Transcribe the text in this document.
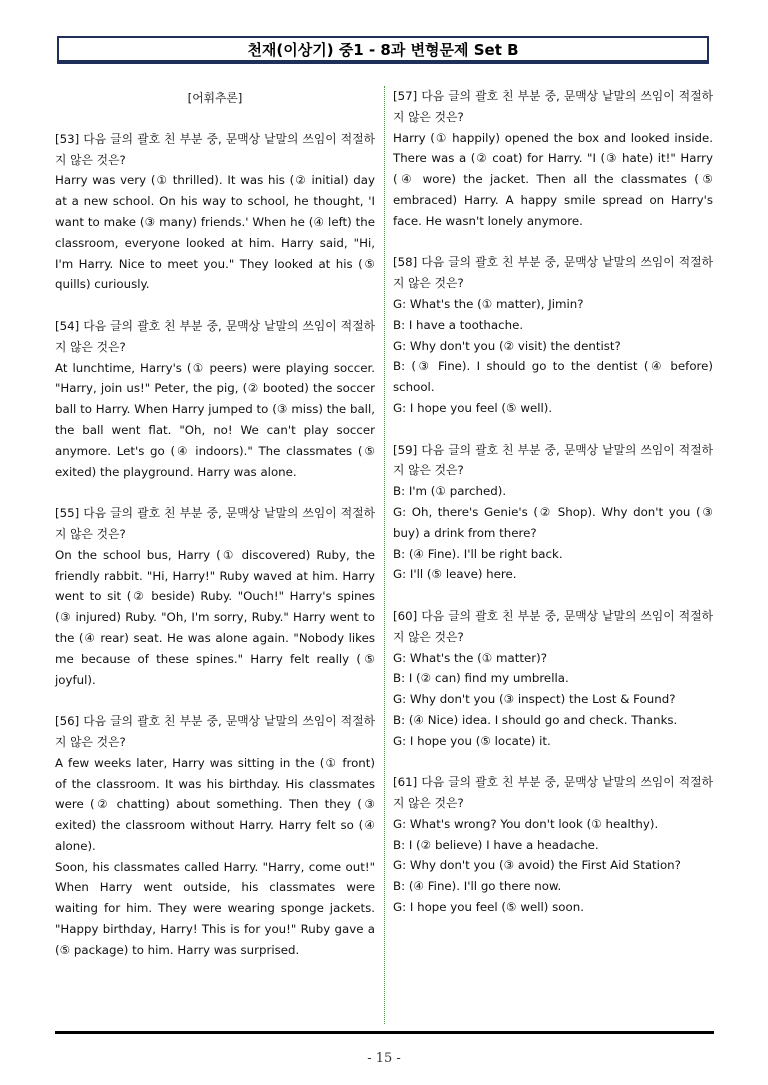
천재(이상기) 중1 - 8과 변형문제 Set B
[어휘추론]

[53] 다음 글의 괄호 친 부분 중, 문맥상 낱말의 쓰임이 적절하지 않은 것은?

Harry was very (① thrilled). It was his (② initial) day at a new school. On his way to school, he thought, 'I want to make (③ many) friends.' When he (④ left) the classroom, everyone looked at him. Harry said, "Hi, I'm Harry. Nice to meet you." They looked at his (⑤ quills) curiously.

[54] 다음 글의 괄호 친 부분 중, 문맥상 낱말의 쓰임이 적절하지 않은 것은?

At lunchtime, Harry's (① peers) were playing soccer. "Harry, join us!" Peter, the pig, (② booted) the soccer ball to Harry. When Harry jumped to (③ miss) the ball, the ball went flat. "Oh, no! We can't play soccer anymore. Let's go (④ indoors)." The classmates (⑤ exited) the playground. Harry was alone.

[55] 다음 글의 괄호 친 부분 중, 문맥상 낱말의 쓰임이 적절하지 않은 것은?

On the school bus, Harry (① discovered) Ruby, the friendly rabbit. "Hi, Harry!" Ruby waved at him. Harry went to sit (② beside) Ruby. "Ouch!" Harry's spines (③ injured) Ruby. "Oh, I'm sorry, Ruby." Harry went to the (④ rear) seat. He was alone again. "Nobody likes me because of these spines." Harry felt really (⑤ joyful).

[56] 다음 글의 괄호 친 부분 중, 문맥상 낱말의 쓰임이 적절하지 않은 것은?

A few weeks later, Harry was sitting in the (① front) of the classroom. It was his birthday. His classmates were (② chatting) about something. Then they (③ exited) the classroom without Harry. Harry felt so (④ alone).

Soon, his classmates called Harry. "Harry, come out!" When Harry went outside, his classmates were waiting for him. They were wearing sponge jackets. "Happy birthday, Harry! This is for you!" Ruby gave a (⑤ package) to him. Harry was surprised.

[57] 다음 글의 괄호 친 부분 중, 문맥상 낱말의 쓰임이 적절하지 않은 것은?

Harry (① happily) opened the box and looked inside. There was a (② coat) for Harry. "I (③ hate) it!" Harry (④ wore) the jacket. Then all the classmates (⑤ embraced) Harry. A happy smile spread on Harry's face. He wasn't lonely anymore.

[58] 다음 글의 괄호 친 부분 중, 문맥상 낱말의 쓰임이 적절하지 않은 것은?

G: What's the (① matter), Jimin?

B: I have a toothache.

G: Why don't you (② visit) the dentist?

B: (③ Fine). I should go to the dentist (④ before) school.

G: I hope you feel (⑤ well).

[59] 다음 글의 괄호 친 부분 중, 문맥상 낱말의 쓰임이 적절하지 않은 것은?

B: I'm (① parched).

G: Oh, there's Genie's (② Shop). Why don't you (③ buy) a drink from there?

B: (④ Fine). I'll be right back.

G: I'll (⑤ leave) here.

[60] 다음 글의 괄호 친 부분 중, 문맥상 낱말의 쓰임이 적절하지 않은 것은?

G: What's the (① matter)?

B: I (② can) find my umbrella.

G: Why don't you (③ inspect) the Lost & Found?

B: (④ Nice) idea. I should go and check. Thanks.

G: I hope you (⑤ locate) it.

[61] 다음 글의 괄호 친 부분 중, 문맥상 낱말의 쓰임이 적절하지 않은 것은?

G: What's wrong? You don't look (① healthy).

B: I (② believe) I have a headache.

G: Why don't you (③ avoid) the First Aid Station?

B: (④ Fine). I'll go there now.

G: I hope you feel (⑤ well) soon.

- 15 -
